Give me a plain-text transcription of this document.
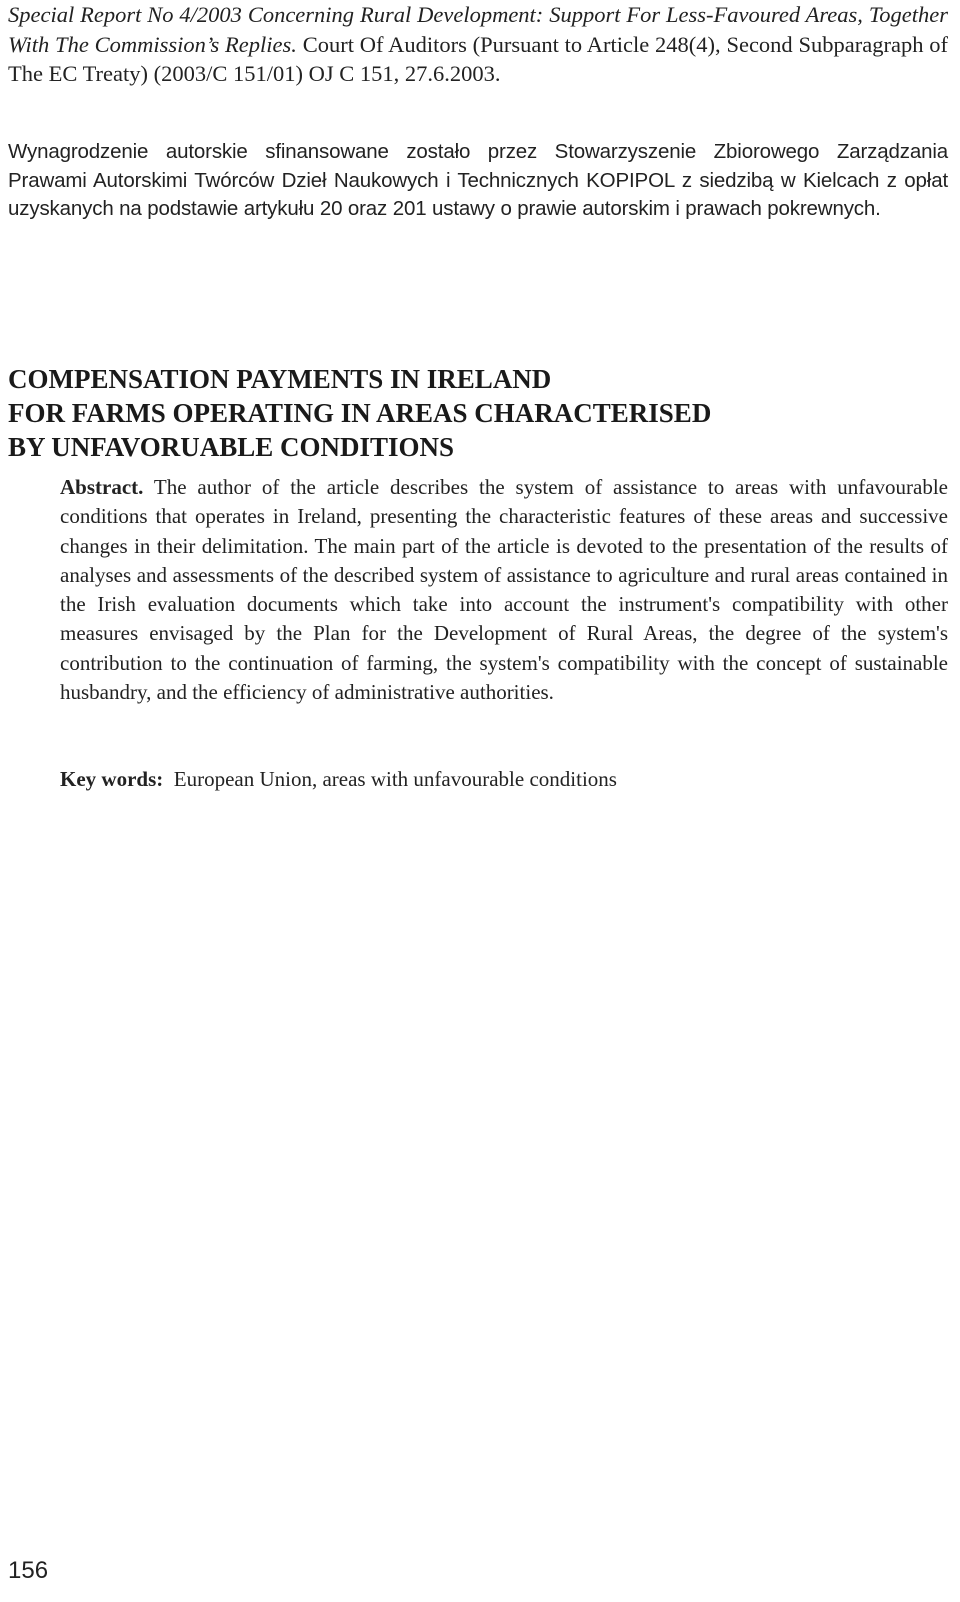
Special Report No 4/2003 Concerning Rural Development: Support For Less-Favoured Areas, Together With The Commission’s Replies. Court Of Auditors (Pursuant to Article 248(4), Second Subparagraph of The EC Treaty) (2003/C 151/01) OJ C 151, 27.6.2003.
Wynagrodzenie autorskie sfinansowane zostało przez Stowarzyszenie Zbiorowego Zarządzania Prawami Autorskimi Twórców Dzieł Naukowych i Technicznych KOPIPOL z siedzibą w Kielcach z opłat uzyskanych na podstawie artykułu 20 oraz 201 ustawy o prawie autorskim i prawach pokrewnych.
COMPENSATION PAYMENTS IN IRELAND
FOR FARMS OPERATING IN AREAS CHARACTERISED
BY UNFAVORUABLE CONDITIONS
Abstract. The author of the article describes the system of assistance to areas with unfavourable conditions that operates in Ireland, presenting the characteristic features of these areas and successive changes in their delimitation. The main part of the article is devoted to the presentation of the results of analyses and assessments of the described system of assistance to agriculture and rural areas contained in the Irish evaluation documents which take into account the instrument's compatibility with other measures envisaged by the Plan for the Development of Rural Areas, the degree of the system's contribution to the continuation of farming, the system's compatibility with the concept of sustainable husbandry, and the efficiency of administrative authorities.
Key words:  European Union, areas with unfavourable conditions
156
